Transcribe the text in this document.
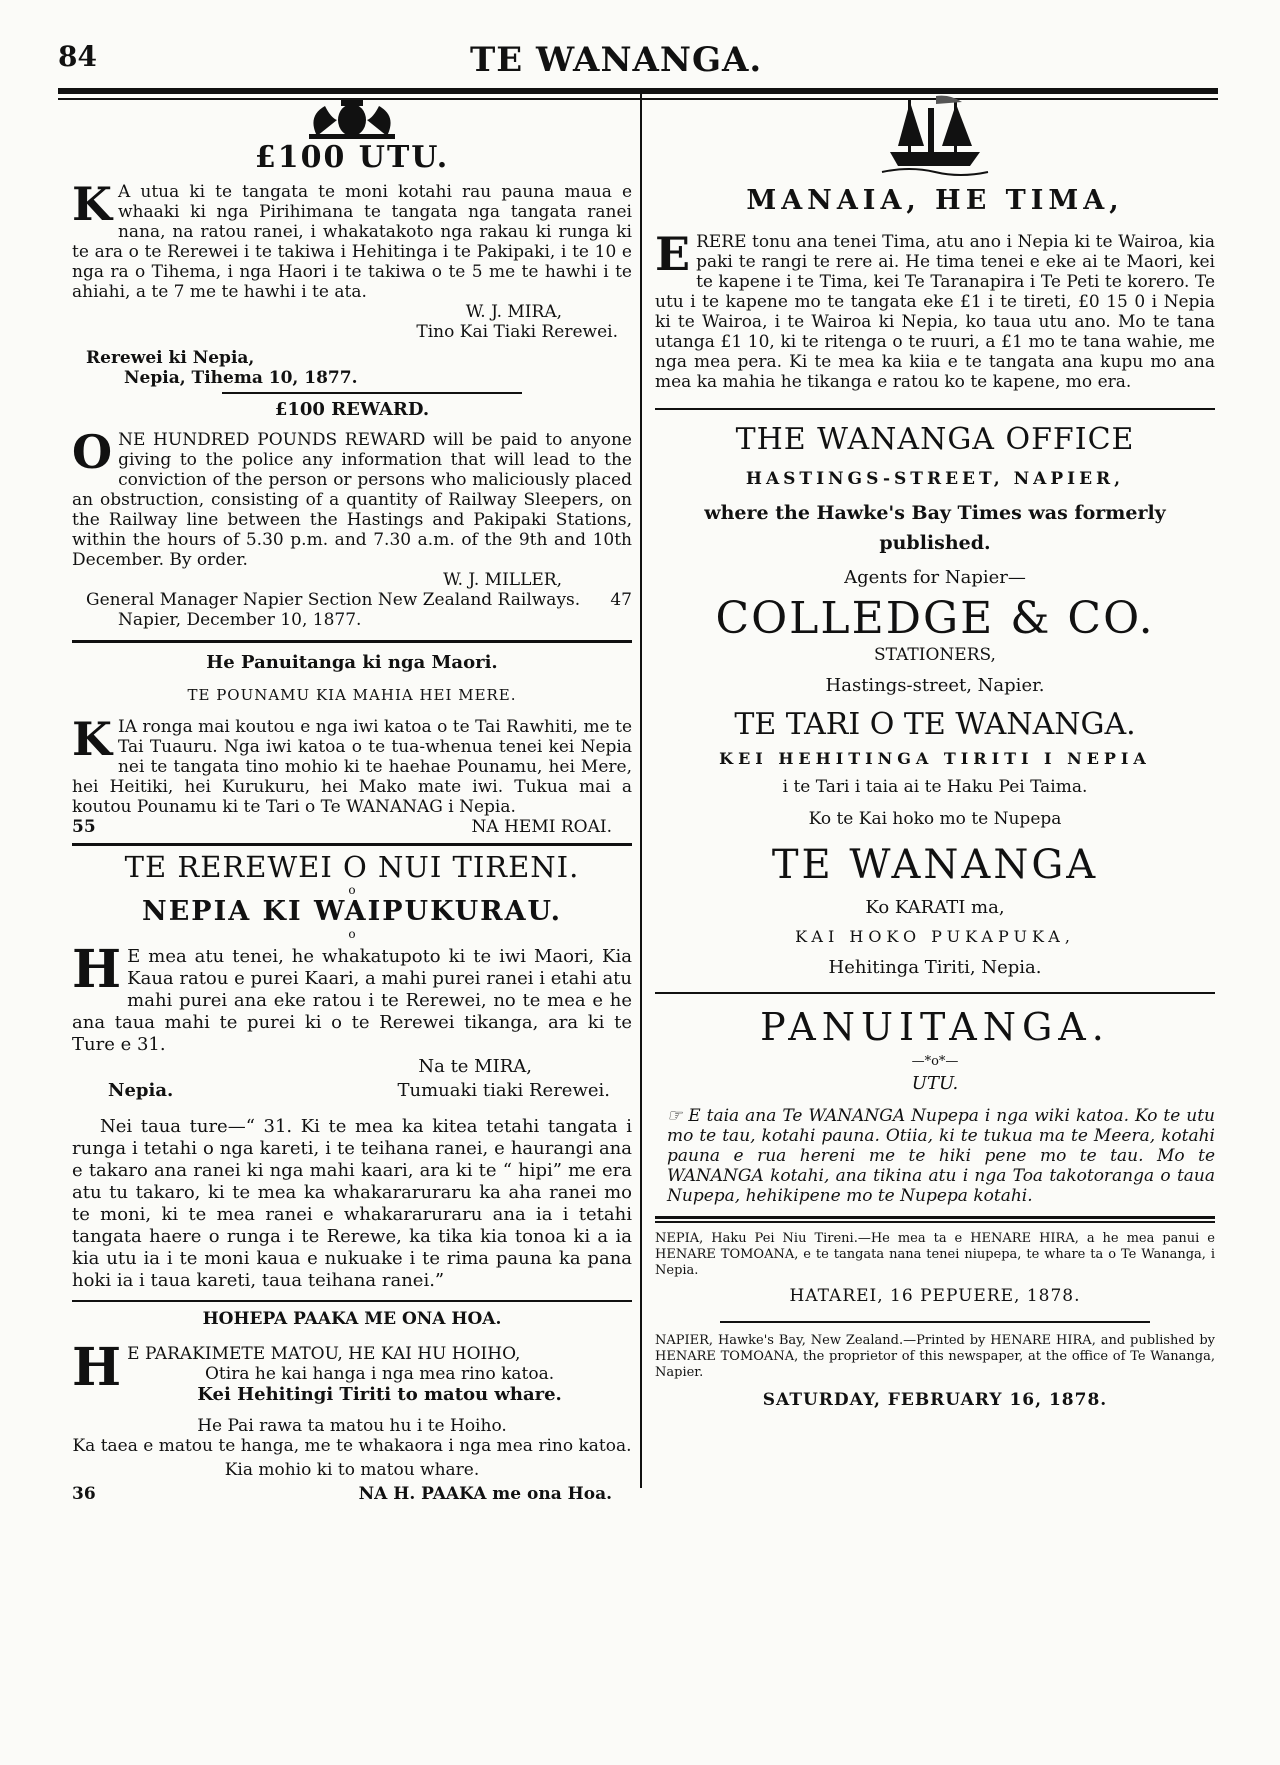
84	TE WANANGA.
£100 UTU.
K A utua ki te tangata te moni kotahi rau pauna maua e whaaki ki nga Pirihimana te tangata nga tangata ranei nana, na ratou ranei, i whakatakoto nga rakau ki runga ki te ara o te Rerewei i te takiwa i Hehitinga i te Pakipaki, i te 10 e nga ra o Tihema, i nga Haori i te takiwa o te 5 me te hawhi i te ahiahi, a te 7 me te hawhi i te ata.
W. J. MIRA,
Tino Kai Tiaki Rerewei.
Rerewei ki Nepia,
Nepia, Tihema 10, 1877.
£100 REWARD.
O NE HUNDRED POUNDS REWARD will be paid to anyone giving to the police any information that will lead to the conviction of the person or persons who maliciously placed an obstruction, consisting of a quantity of Railway Sleepers, on the Railway line between the Hastings and Pakipaki Stations, within the hours of 5.30 p.m. and 7.30 a.m. of the 9th and 10th December. By order.
W. J. MILLER,
General Manager Napier Section New Zealand Railways. 47
Napier, December 10, 1877.
He Panuitanga ki nga Maori.
TE POUNAMU KIA MAHIA HEI MERE.
K IA ronga mai koutou e nga iwi katoa o te Tai Rawhiti, me te Tai Tuauru. Nga iwi katoa o te tua-whenua tenei kei Nepia nei te tangata tino mohio ki te haehae Pounamu, hei Mere, hei Heitiki, hei Kurukuru, hei Mako mate iwi. Tukua mai a koutou Pounamu ki te Tari o Te WANANAG i Nepia.
55	NA HEMI ROAI.
TE REREWEI O NUI TIRENI.
o
NEPIA KI WAIPUKURAU.
o
H E mea atu tenei, he whakatupoto ki te iwi Maori, Kia Kaua ratou e purei Kaari, a mahi purei ranei i etahi atu mahi purei ana eke ratou i te Rerewei, no te mea e he ana taua mahi te purei ki o te Rerewei tikanga, ara ki te Ture e 31.
Na te MIRA,
Nepia.	Tumuaki tiaki Rerewei.
Nei taua ture—“ 31. Ki te mea ka kitea tetahi tangata i runga i tetahi o nga kareti, i te teihana ranei, e haurangi ana e takaro ana ranei ki nga mahi kaari, ara ki te “ hipi” me era atu tu takaro, ki te mea ka whakararuraru ka aha ranei mo te moni, ki te mea ranei e whakararuraru ana ia i tetahi tangata haere o runga i te Rerewe, ka tika kia tonoa ki a ia kia utu ia i te moni kaua e nukuake i te rima pauna ka pana hoki ia i taua kareti, taua teihana ranei.”
HOHEPA PAAKA ME ONA HOA.
H E PARAKIMETE MATOU, HE KAI HU HOIHO,
Otira he kai hanga i nga mea rino katoa.
Kei Hehitingi Tiriti to matou whare.
He Pai rawa ta matou hu i te Hoiho.
Ka taea e matou te hanga, me te whakaora i nga mea rino katoa.
Kia mohio ki to matou whare.
36	NA H. PAAKA me ona Hoa.
MANAIA, HE TIMA,
E RERE tonu ana tenei Tima, atu ano i Nepia ki te Wairoa, kia paki te rangi te rere ai. He tima tenei e eke ai te Maori, kei te kapene i te Tima, kei Te Taranapira i Te Peti te korero. Te utu i te kapene mo te tangata eke £1 i te tireti, £0 15 0 i Nepia ki te Wairoa, i te Wairoa ki Nepia, ko taua utu ano. Mo te tana utanga £1 10, ki te ritenga o te ruuri, a £1 mo te tana wahie, me nga mea pera. Ki te mea ka kiia e te tangata ana kupu mo ana mea ka mahia he tikanga e ratou ko te kapene, mo era.
THE WANANGA OFFICE
HASTINGS-STREET, NAPIER,
where the Hawke's Bay Times was formerly published.
Agents for Napier—
COLLEDGE & CO.
STATIONERS,
Hastings-street, Napier.
TE TARI O TE WANANGA.
KEI HEHITINGA TIRITI I NEPIA
i te Tari i taia ai te Haku Pei Taima.
Ko te Kai hoko mo te Nupepa
TE WANANGA
Ko KARATI ma,
KAI HOKO PUKAPUKA,
Hehitinga Tiriti, Nepia.
PANUITANGA.
—*o*—
UTU.
☞ E taia ana Te WANANGA Nupepa i nga wiki katoa. Ko te utu mo te tau, kotahi pauna. Otiia, ki te tukua ma te Meera, kotahi pauna e rua hereni me te hiki pene mo te tau. Mo te WANANGA kotahi, ana tikina atu i nga Toa takotoranga o taua Nupepa, hehikipene mo te Nupepa kotahi.
NEPIA, Haku Pei Niu Tireni.—He mea ta e HENARE HIRA, a he mea panui e HENARE TOMOANA, e te tangata nana tenei niupepa, te whare ta o Te Wananga, i Nepia.
HATAREI, 16 PEPUERE, 1878.
NAPIER, Hawke's Bay, New Zealand.—Printed by HENARE HIRA, and published by HENARE TOMOANA, the proprietor of this newspaper, at the office of Te Wananga, Napier.
SATURDAY, FEBRUARY 16, 1878.
